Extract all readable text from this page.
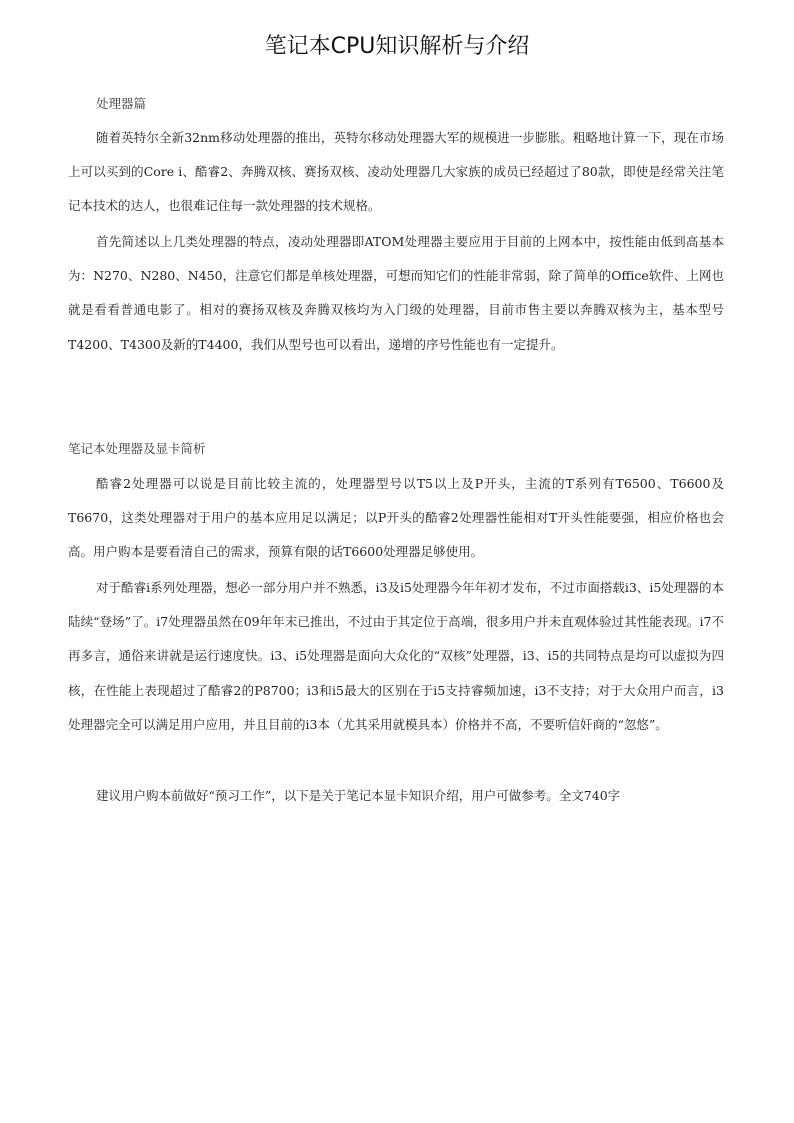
笔记本CPU知识解析与介绍

处理器篇

随着英特尔全新32nm移动处理器的推出，英特尔移动处理器大军的规模进一步膨胀。粗略地计算一下，现在市场上可以买到的Core i、酷睿2、奔腾双核、赛扬双核、凌动处理器几大家族的成员已经超过了80款，即使是经常关注笔记本技术的达人，也很难记住每一款处理器的技术规格。

首先简述以上几类处理器的特点，凌动处理器即ATOM处理器主要应用于目前的上网本中，按性能由低到高基本为：N270、N280、N450，注意它们都是单核处理器，可想而知它们的性能非常弱，除了简单的Office软件、上网也就是看看普通电影了。相对的赛扬双核及奔腾双核均为入门级的处理器，目前市售主要以奔腾双核为主，基本型号T4200、T4300及新的T4400，我们从型号也可以看出，递增的序号性能也有一定提升。

笔记本处理器及显卡简析

酷睿2处理器可以说是目前比较主流的，处理器型号以T5以上及P开头，主流的T系列有T6500、T6600及T6670，这类处理器对于用户的基本应用足以满足；以P开头的酷睿2处理器性能相对T开头性能要强，相应价格也会高。用户购本是要看清自己的需求，预算有限的话T6600处理器足够使用。

对于酷睿i系列处理器，想必一部分用户并不熟悉，i3及i5处理器今年年初才发布，不过市面搭载i3、i5处理器的本陆续“登场”了。i7处理器虽然在09年年末已推出，不过由于其定位于高端，很多用户并未直观体验过其性能表现。i7不再多言，通俗来讲就是运行速度快。i3、i5处理器是面向大众化的“双核”处理器，i3、i5的共同特点是均可以虚拟为四核，在性能上表现超过了酷睿2的P8700；i3和i5最大的区别在于i5支持睿频加速，i3不支持；对于大众用户而言，i3处理器完全可以满足用户应用，并且目前的i3本（尤其采用就模具本）价格并不高，不要听信奸商的“忽悠”。

建议用户购本前做好“预习工作”，以下是关于笔记本显卡知识介绍，用户可做参考。全文740字
